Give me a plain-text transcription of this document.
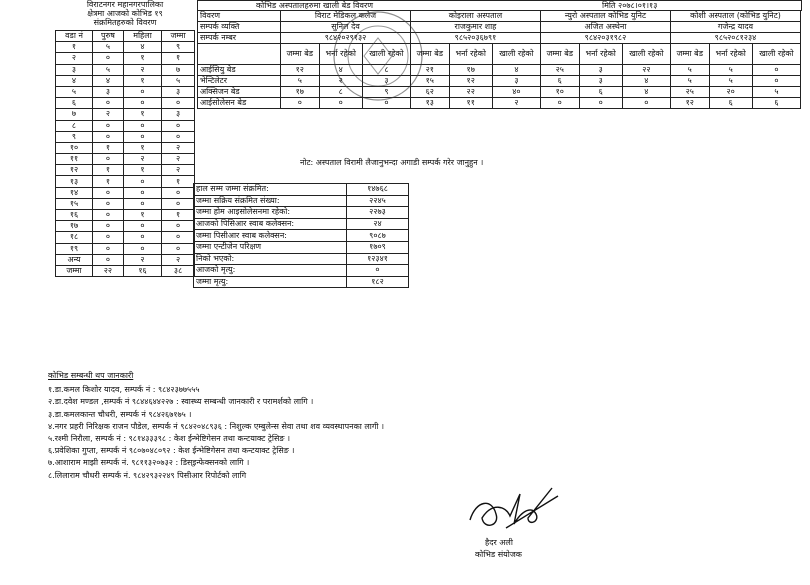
विराटनगर महानगरपालिका
क्षेत्रमा आजको कोभिड १९
संक्रमितहरुको विवरण
वडा नं	पुरुष	महिला	जम्मा
१	५	४	९
२	०	१	१
३	५	२	७
४	४	१	५
५	३	०	३
६	०	०	०
७	२	१	३
८	०	०	०
९	०	०	०
१०	१	१	२
११	०	२	२
१२	१	१	२
१३	१	०	१
१४	०	०	०
१५	०	०	०
१६	०	१	१
१७	०	०	०
१८	०	०	०
१९	०	०	०
अन्य	०	२	२
जम्मा	२२	१६	३८
कोभिड अस्पतालहरुमा खाली बेड विवरण	मिति २०७८।०१।१३
विवरण	विराट मेडिकल कलेज			कोइराला अस्पताल			न्युरो अस्पताल कोभिड युनिट			कोशी अस्पताल (कोभिड युनिट)		
सम्पर्क व्यक्ति	सुनिल देव			राजकुमार शाह			अजित अस्थेना			गजेन्द्र यादव		
सम्पर्क नम्बर	९८४२०२९१३२			९८५२०३६७९१			९८४२०३१९८२			९८५२०८१२३४		
	जम्मा बेड	भर्ना रहेको	खाली रहेको	जम्मा बेड	भर्ना रहेको	खाली रहेको	जम्मा बेड	भर्ना रहेको	खाली रहेको	जम्मा बेड	भर्ना रहेको	खाली रहेको
आईसियु बेड	१२	४	८	२१	१७	४	२५	३	२२	५	५	०
भेन्टिलेटर	५	२	३	१५	१२	३	६	३	४	५	५	०
अक्सिजन बेड	१७	८	९	६२	२२	४०	१०	६	४	२५	२०	५
आईसोलेसन बेड	०	०	०	१३	११	२	०	०	०	१२	६	६
नोट: अस्पताल विरामी लैजानुभन्दा अगाडी सम्पर्क गरेर जानुहुन ।
हाल सम्म जम्मा संक्रमित:	१४७६८
जम्मा सक्रिय संक्रमित संख्या:	२२४५
जम्मा होम आइसोलेसनमा रहेको:	२२७३
आजको पिसिआर स्वाब कलेक्सन:	२४
जम्मा पिसीआर स्वाब कलेक्सन:	९०८७
जम्मा एन्टीजेन परिक्षण	१७०९
निको भएको:	१२३४१
आजको मृत्यु:	०
जम्मा मृत्यु:	१८२
कोभिड सम्बन्धी थप जानकारी
१.डा.कमल किशोर यादव, सम्पर्क नं : ९८४२३७७५५५
२.डा.दवेश मण्डल ,सम्पर्क नं ९८४४६४४२२७ : स्वास्थ्य सम्बन्धी जानकारी र परामर्शको लागि ।
३.डा.कमलकान्त चौधरी, सम्पर्क नं ९८४२६७१७५ ।
४.नगर प्रहरी निरिक्षक राजन पौडेल, सम्पर्क नं ९८४२०४८९३६ : निशुल्क एम्बुलेन्स सेवा तथा शव व्यवस्थापनका लागी ।
५.रश्मी निरौला, सम्पर्क नं : ९८१४३३३९८ : केश ईन्भेष्टिगेसन तथा कन्टयाक्ट ट्रेसिङ ।
६.प्रवेशिका गुप्ता, सम्पर्क नं ९८०७०४८०९२ : केश ईन्भेष्टिगेसन तथा कन्टयाक्ट ट्रेसिङ ।
७.आशाराम माझी सम्पर्क नं. ९८११३२०७३२ : डिस्इन्फेक्सनको लागि ।
८.लिलाराम चौधरी सम्पर्क नं. ९८४२९३२२४९ पिसीआर रिपोर्टको लागि
हैदर अली
कोभिड संयोजक
